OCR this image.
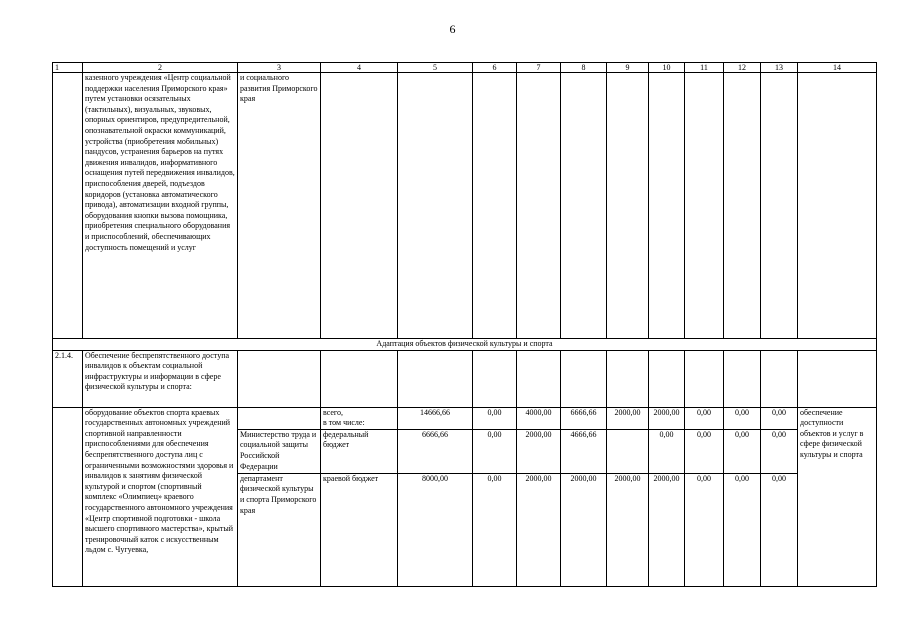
6
1	2	3	4	5	6	7	8	9	10	11	12	13	14
	казенного учреждения «Центр социальной поддержки населения Приморского края» путем установки осязательных (тактильных), визуальных, звуковых, опорных ориентиров, предупредительной, опознавательной окраски коммуникаций, устройства (приобретения мобильных) пандусов, устранения барьеров на путях движения инвалидов, информативного оснащения путей передвижения инвалидов, приспособления дверей, подъездов коридоров (установка автоматического привода), автоматизации входной группы, оборудования кнопки вызова помощника, приобретения специального оборудования и приспособлений, обеспечивающих доступность помещений и услуг	и социального развития Приморского края											
Адаптация объектов физической культуры и спорта													
2.1.4.	Обеспечение беспрепятственного доступа инвалидов к объектам социальной инфраструктуры и информации в сфере физической культуры и спорта:												
	оборудование объектов спорта краевых государственных автономных учреждений спортивной направленности приспособлениями для обеспечения беспрепятственного доступа лиц с ограниченными возможностями здоровья и инвалидов к занятиям физической культурой и спортом (спортивный комплекс «Олимпиец» краевого государственного автономного учреждения «Центр спортивной подготовки - школа высшего спортивного мастерства», крытый тренировочный каток с искусственным льдом с. Чугуевка,		всего,	14666,66	0,00	4000,00	6666,66	2000,00	2000,00	0,00	0,00	0,00	обеспечение доступности объектов и услуг в сфере физической культуры и спорта
			в том числе:										
		Министерство труда и социальной защиты Российской Федерации	федеральный бюджет	6666,66	0,00	2000,00	4666,66		0,00	0,00	0,00	0,00	
		департамент физической культуры и спорта Приморского края	краевой бюджет	8000,00	0,00	2000,00	2000,00	2000,00	2000,00	0,00	0,00	0,00	
